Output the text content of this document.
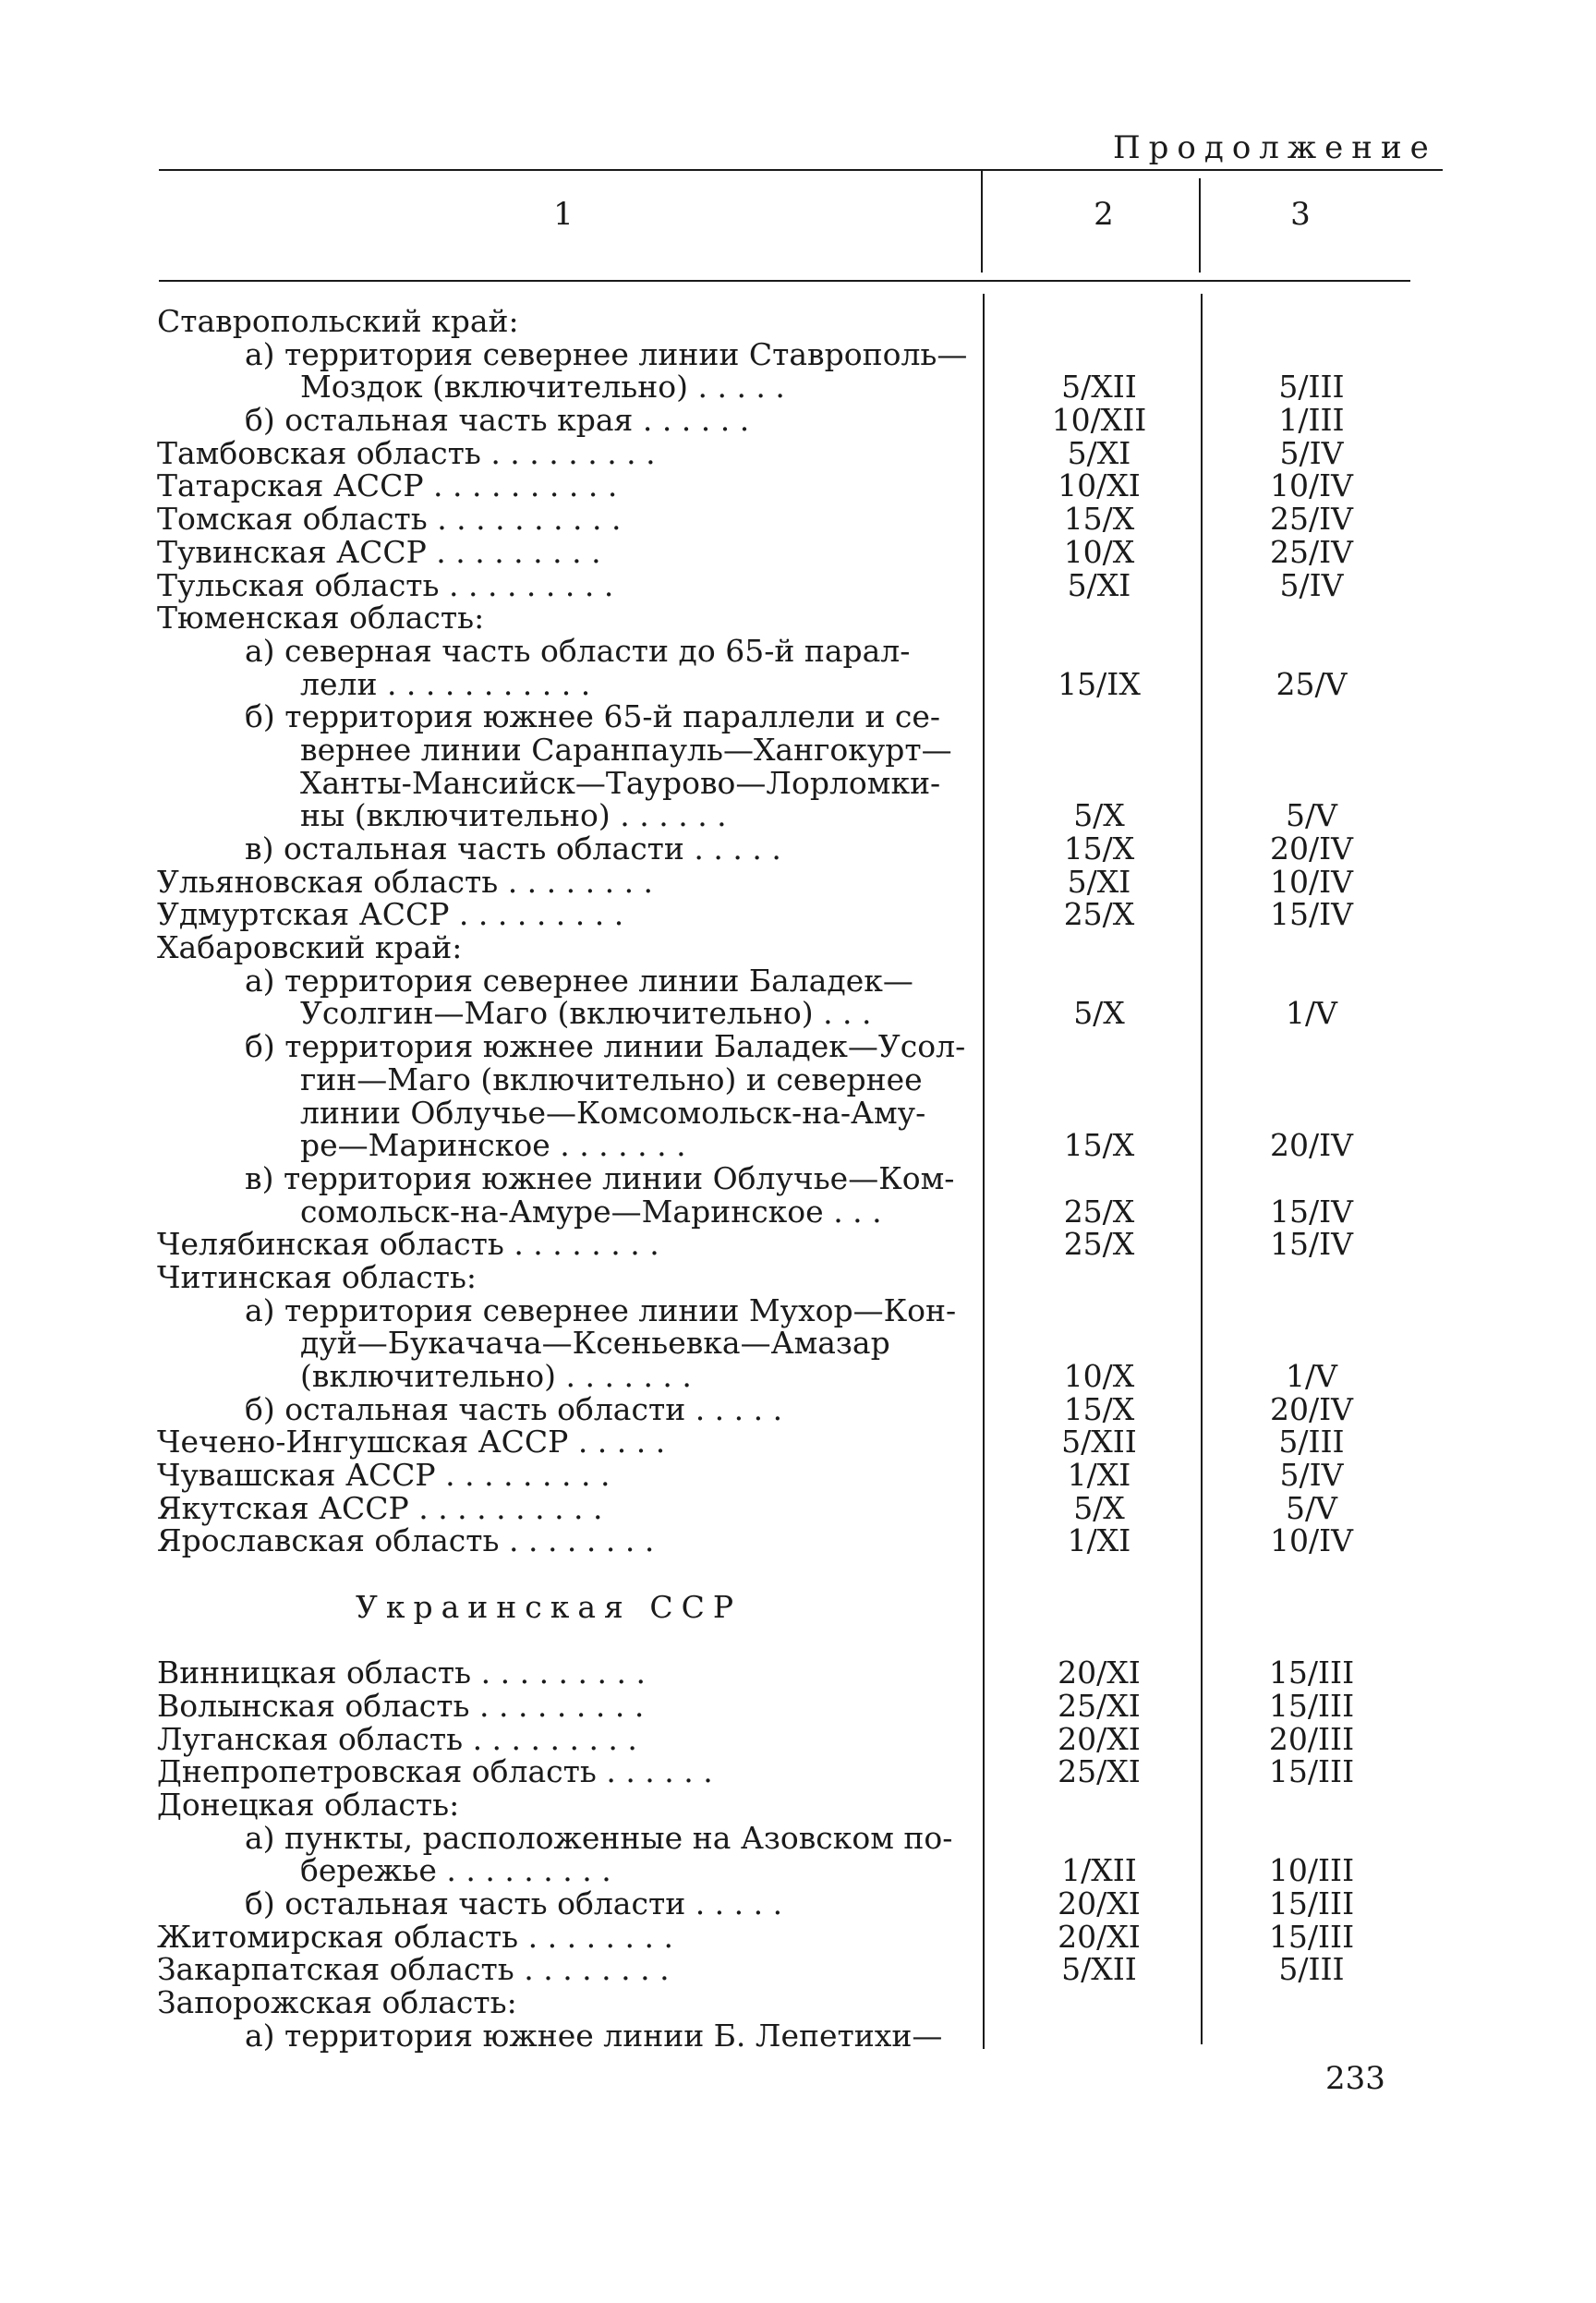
Продолжение
1	2	3
Ставропольский край:
а) территория севернее линии Ставрополь—
Моздок (включительно) . . . . .	5/XII	5/III
б) остальная часть края . . . . . .	10/XII	1/III
Тамбовская область . . . . . . . . .	5/XI	5/IV
Татарская АССР . . . . . . . . . .	10/XI	10/IV
Томская область . . . . . . . . . .	15/X	25/IV
Тувинская АССР . . . . . . . . .	10/X	25/IV
Тульская область . . . . . . . . .	5/XI	5/IV
Тюменская область:
а) северная часть области до 65-й парал-
лели . . . . . . . . . . .	15/IX	25/V
б) территория южнее 65-й параллели и се-
вернее линии Саранпауль—Хангокурт—
Ханты-Мансийск—Таурово—Лорломки-
ны (включительно) . . . . . .	5/X	5/V
в) остальная часть области . . . . .	15/X	20/IV
Ульяновская область . . . . . . . .	5/XI	10/IV
Удмуртская АССР . . . . . . . . .	25/X	15/IV
Хабаровский край:
а) территория севернее линии Баладек—
Усолгин—Маго (включительно) . . .	5/X	1/V
б) территория южнее линии Баладек—Усол-
гин—Маго (включительно) и севернее
линии Облучье—Комсомольск-на-Аму-
ре—Маринское . . . . . . .	15/X	20/IV
в) территория южнее линии Облучье—Ком-
сомольск-на-Амуре—Маринское . . .	25/X	15/IV
Челябинская область . . . . . . . .	25/X	15/IV
Читинская область:
а) территория севернее линии Мухор—Кон-
дуй—Букачача—Ксеньевка—Амазар
(включительно) . . . . . . .	10/X	1/V
б) остальная часть области . . . . .	15/X	20/IV
Чечено-Ингушская АССР . . . . .	5/XII	5/III
Чувашская АССР . . . . . . . . .	1/XI	5/IV
Якутская АССР . . . . . . . . . .	5/X	5/V
Ярославская область . . . . . . . .	1/XI	10/IV
Украинская ССР
Винницкая область . . . . . . . . .	20/XI	15/III
Волынская область . . . . . . . . .	25/XI	15/III
Луганская область . . . . . . . . .	20/XI	20/III
Днепропетровская область . . . . . .	25/XI	15/III
Донецкая область:
а) пункты, расположенные на Азовском по-
бережье . . . . . . . . .	1/XII	10/III
б) остальная часть области . . . . .	20/XI	15/III
Житомирская область . . . . . . . .	20/XI	15/III
Закарпатская область . . . . . . . .	5/XII	5/III
Запорожская область:
а) территория южнее линии Б. Лепетихи—
233
